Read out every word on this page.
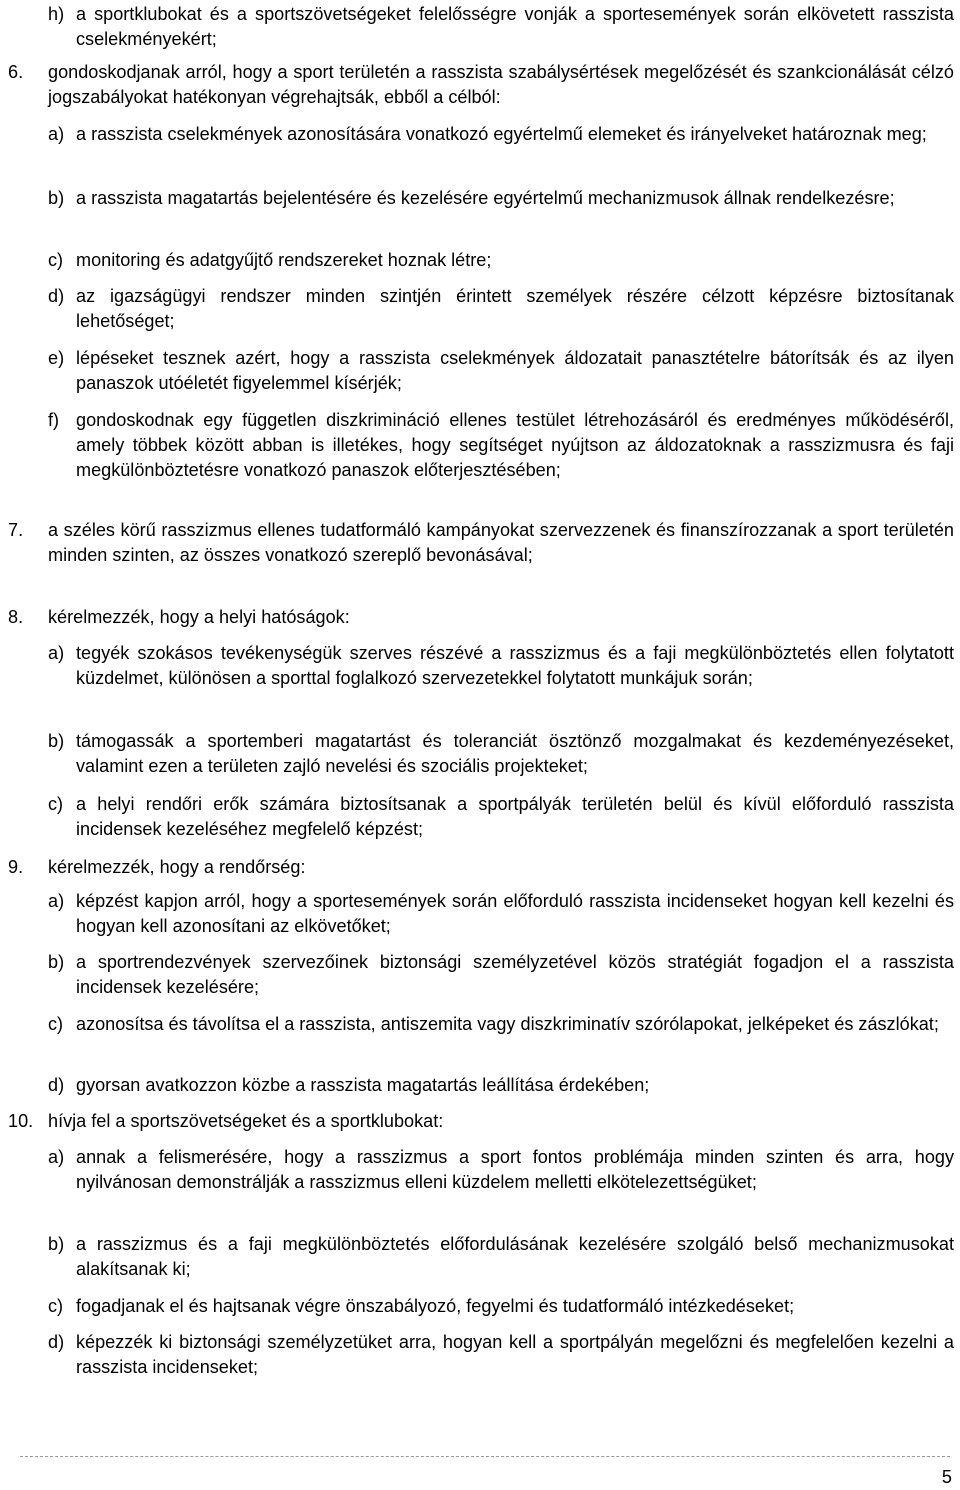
5
h) a sportklubokat és a sportszövetségeket felelősségre vonják a sportesemények során elkövetett rasszista cselekményekért;
6. gondoskodjanak arról, hogy a sport területén a rasszista szabálysértések megelőzését és szankcionálását célzó jogszabályokat hatékonyan végrehajtsák, ebből a célból:
a) a rasszista cselekmények azonosítására vonatkozó egyértelmű elemeket és irányelveket határoznak meg;
b) a rasszista magatartás bejelentésére és kezelésére egyértelmű mechanizmusok állnak rendelkezésre;
c) monitoring és adatgyűjtő rendszereket hoznak létre;
d) az igazságügyi rendszer minden szintjén érintett személyek részére célzott képzésre biztosítanak lehetőséget;
e) lépéseket tesznek azért, hogy a rasszista cselekmények áldozatait panasztételre bátorítsák és az ilyen panaszok utóéletét figyelemmel kísérjék;
f) gondoskodnak egy független diszkrimináció ellenes testület létrehozásáról és eredményes működéséről, amely többek között abban is illetékes, hogy segítséget nyújtson az áldozatoknak a rasszizmusra és faji megkülönböztetésre vonatkozó panaszok előterjesztésében;
7. a széles körű rasszizmus ellenes tudatformáló kampányokat szervezzenek és finanszírozzanak a sport területén minden szinten, az összes vonatkozó szereplő bevonásával;
8. kérelmezzék, hogy a helyi hatóságok:
a) tegyék szokásos tevékenységük szerves részévé a rasszizmus és a faji megkülönböztetés ellen folytatott küzdelmet, különösen a sporttal foglalkozó szervezetekkel folytatott munkájuk során;
b) támogassák a sportemberi magatartást és toleranciát ösztönző mozgalmakat és kezdeményezéseket, valamint ezen a területen zajló nevelési és szociális projekteket;
c) a helyi rendőri erők számára biztosítsanak a sportpályák területén belül és kívül előforduló rasszista incidensek kezeléséhez megfelelő képzést;
9. kérelmezzék, hogy a rendőrség:
a) képzést kapjon arról, hogy a sportesemények során előforduló rasszista incidenseket hogyan kell kezelni és hogyan kell azonosítani az elkövetőket;
b) a sportrendezvények szervezőinek biztonsági személyzetével közös stratégiát fogadjon el a rasszista incidensek kezelésére;
c) azonosítsa és távolítsa el a rasszista, antiszemita vagy diszkriminatív szórólapokat, jelképeket és zászlókat;
d) gyorsan avatkozzon közbe a rasszista magatartás leállítása érdekében;
10. hívja fel a sportszövetségeket és a sportklubokat:
a) annak a felismerésére, hogy a rasszizmus a sport fontos problémája minden szinten és arra, hogy nyilvánosan demonstrálják a rasszizmus elleni küzdelem melletti elkötelezettségüket;
b) a rasszizmus és a faji megkülönböztetés előfordulásának kezelésére szolgáló belső mechanizmusokat alakítsanak ki;
c) fogadjanak el és hajtsanak végre önszabályozó, fegyelmi és tudatformáló intézkedéseket;
d) képezzék ki biztonsági személyzetüket arra, hogyan kell a sportpályán megelőzni és megfelelően kezelni a rasszista incidenseket;
